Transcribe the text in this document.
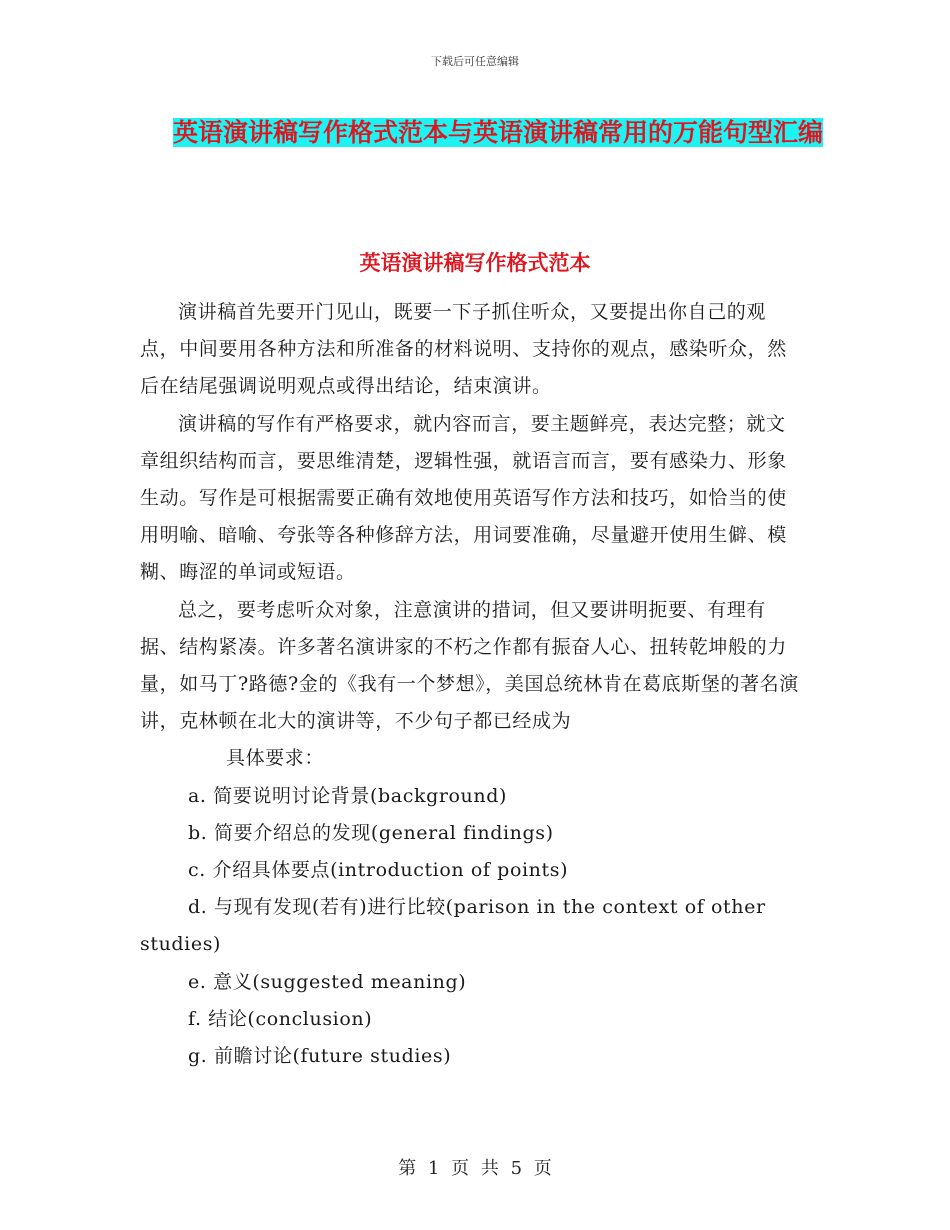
下载后可任意编辑
英语演讲稿写作格式范本与英语演讲稿常用的万能句型汇编
英语演讲稿写作格式范本

演讲稿首先要开门见山，既要一下子抓住听众，又要提出你自己的观点，中间要用各种方法和所准备的材料说明、支持你的观点，感染听众，然后在结尾强调说明观点或得出结论，结束演讲。

演讲稿的写作有严格要求，就内容而言，要主题鲜亮，表达完整；就文章组织结构而言，要思维清楚，逻辑性强，就语言而言，要有感染力、形象生动。写作是可根据需要正确有效地使用英语写作方法和技巧，如恰当的使用明喻、暗喻、夸张等各种修辞方法，用词要准确，尽量避开使用生僻、模糊、晦涩的单词或短语。

总之，要考虑听众对象，注意演讲的措词，但又要讲明扼要、有理有据、结构紧凑。许多著名演讲家的不朽之作都有振奋人心、扭转乾坤般的力量，如马丁?路德?金的《我有一个梦想》，美国总统林肯在葛底斯堡的著名演讲，克林顿在北大的演讲等，不少句子都已经成为

具体要求：

a. 简要说明讨论背景(background)
b. 简要介绍总的发现(general findings)
c. 介绍具体要点(introduction of points)
d. 与现有发现(若有)进行比较(parison in the context of other studies)
e. 意义(suggested meaning)
f. 结论(conclusion)
g. 前瞻讨论(future studies)
第 1 页 共 5 页
